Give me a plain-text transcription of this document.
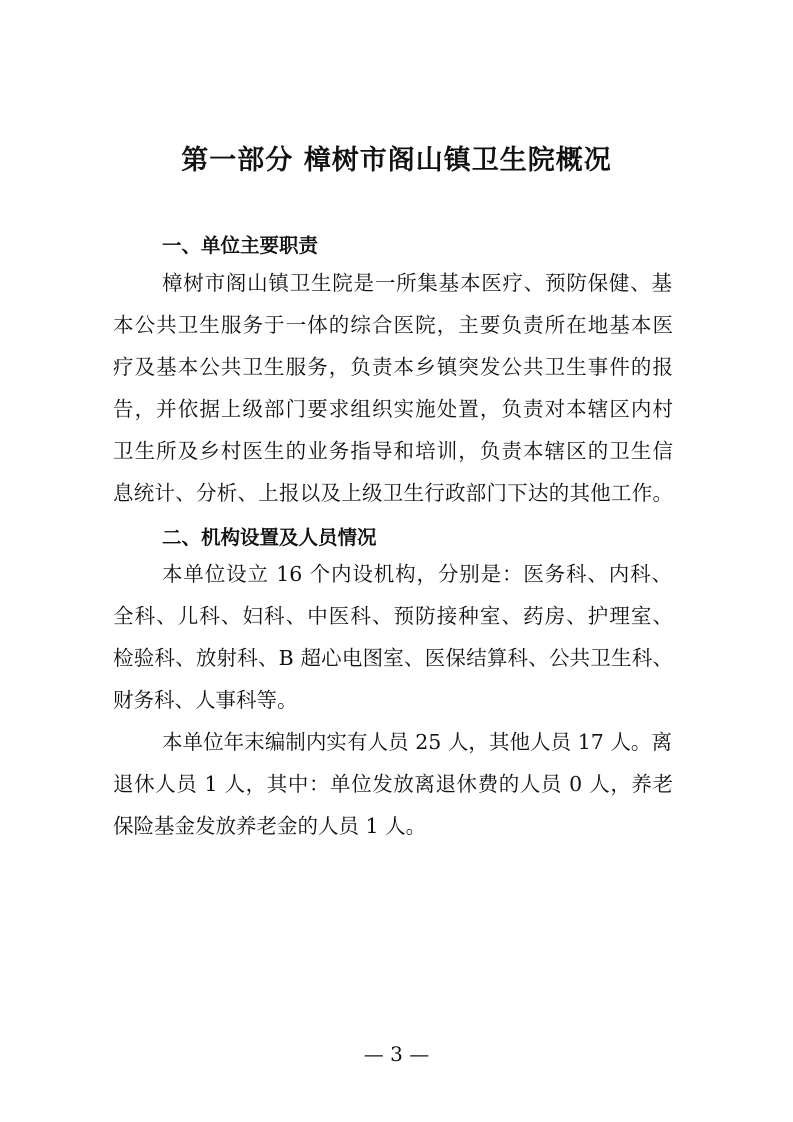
第一部分 樟树市阁山镇卫生院概况
一、单位主要职责
樟树市阁山镇卫生院是一所集基本医疗、预防保健、基
本公共卫生服务于一体的综合医院，主要负责所在地基本医
疗及基本公共卫生服务，负责本乡镇突发公共卫生事件的报
告，并依据上级部门要求组织实施处置，负责对本辖区内村
卫生所及乡村医生的业务指导和培训，负责本辖区的卫生信
息统计、分析、上报以及上级卫生行政部门下达的其他工作。
二、机构设置及人员情况
本单位设立 16 个内设机构，分别是：医务科、内科、
全科、儿科、妇科、中医科、预防接种室、药房、护理室、
检验科、放射科、B 超心电图室、医保结算科、公共卫生科、
财务科、人事科等。
本单位年末编制内实有人员 25 人，其他人员 17 人。离
退休人员 1 人，其中：单位发放离退休费的人员 0 人，养老
保险基金发放养老金的人员 1 人。
— 3 —
